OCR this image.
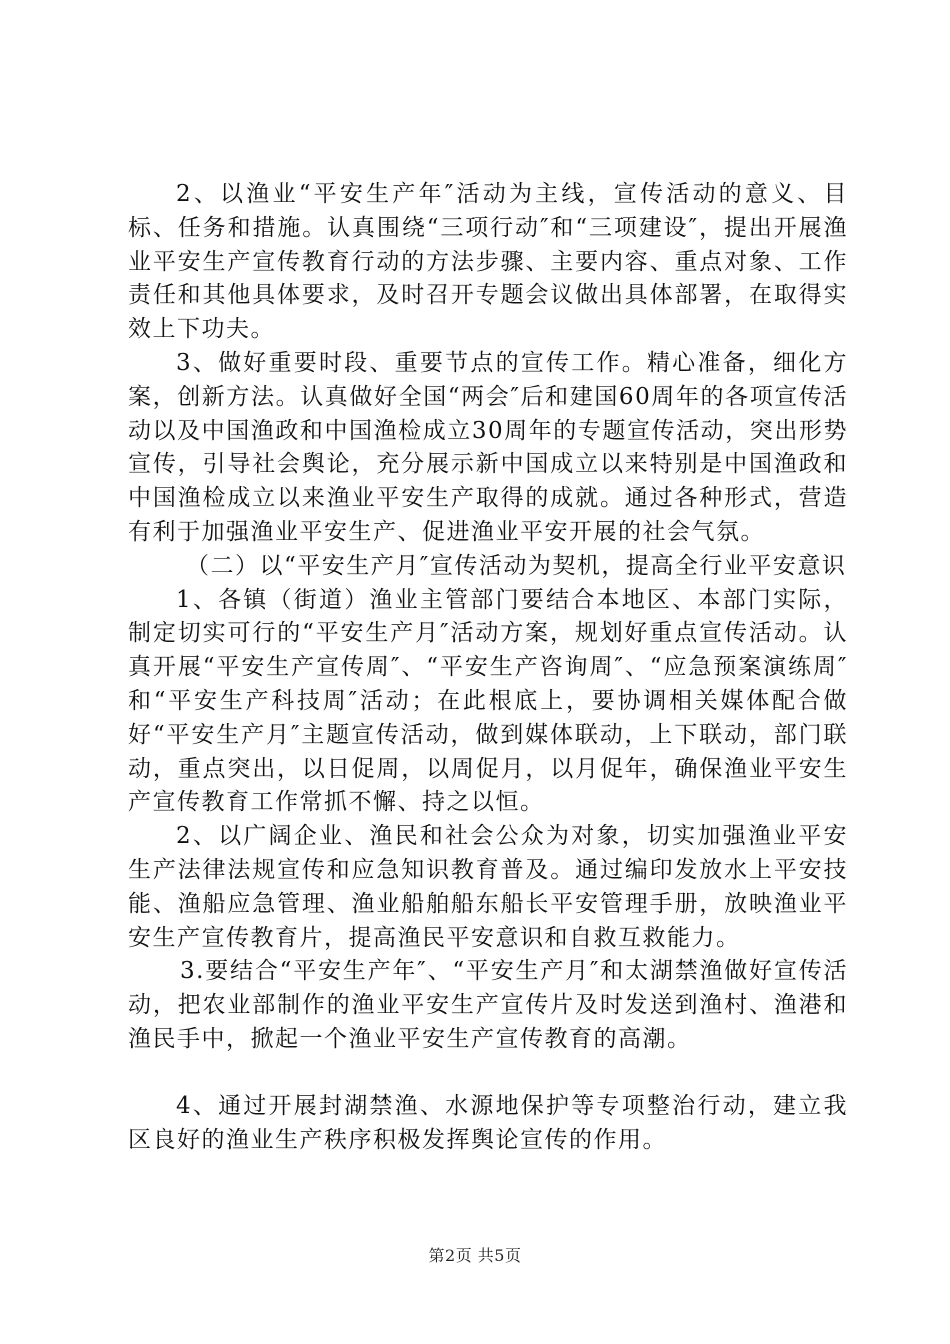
2、以渔业“平安生产年″活动为主线，宣传活动的意义、目标、任务和措施。认真围绕“三项行动″和“三项建设″，提出开展渔业平安生产宣传教育行动的方法步骤、主要内容、重点对象、工作责任和其他具体要求，及时召开专题会议做出具体部署，在取得实效上下功夫。

3、做好重要时段、重要节点的宣传工作。精心准备，细化方案，创新方法。认真做好全国“两会″后和建国60周年的各项宣传活动以及中国渔政和中国渔检成立30周年的专题宣传活动，突出形势宣传，引导社会舆论，充分展示新中国成立以来特别是中国渔政和中国渔检成立以来渔业平安生产取得的成就。通过各种形式，营造有利于加强渔业平安生产、促进渔业平安开展的社会气氛。

（二）以“平安生产月″宣传活动为契机，提高全行业平安意识

1、各镇（街道）渔业主管部门要结合本地区、本部门实际，制定切实可行的“平安生产月″活动方案，规划好重点宣传活动。认真开展“平安生产宣传周″、“平安生产咨询周″、“应急预案演练周″和“平安生产科技周″活动；在此根底上，要协调相关媒体配合做好“平安生产月″主题宣传活动，做到媒体联动，上下联动，部门联动，重点突出，以日促周，以周促月，以月促年，确保渔业平安生产宣传教育工作常抓不懈、持之以恒。

2、以广阔企业、渔民和社会公众为对象，切实加强渔业平安生产法律法规宣传和应急知识教育普及。通过编印发放水上平安技能、渔船应急管理、渔业船舶船东船长平安管理手册，放映渔业平安生产宣传教育片，提高渔民平安意识和自救互救能力。

3.要结合“平安生产年″、“平安生产月″和太湖禁渔做好宣传活动，把农业部制作的渔业平安生产宣传片及时发送到渔村、渔港和渔民手中，掀起一个渔业平安生产宣传教育的高潮。

4、通过开展封湖禁渔、水源地保护等专项整治行动，建立我区良好的渔业生产秩序积极发挥舆论宣传的作用。

第2页 共5页
